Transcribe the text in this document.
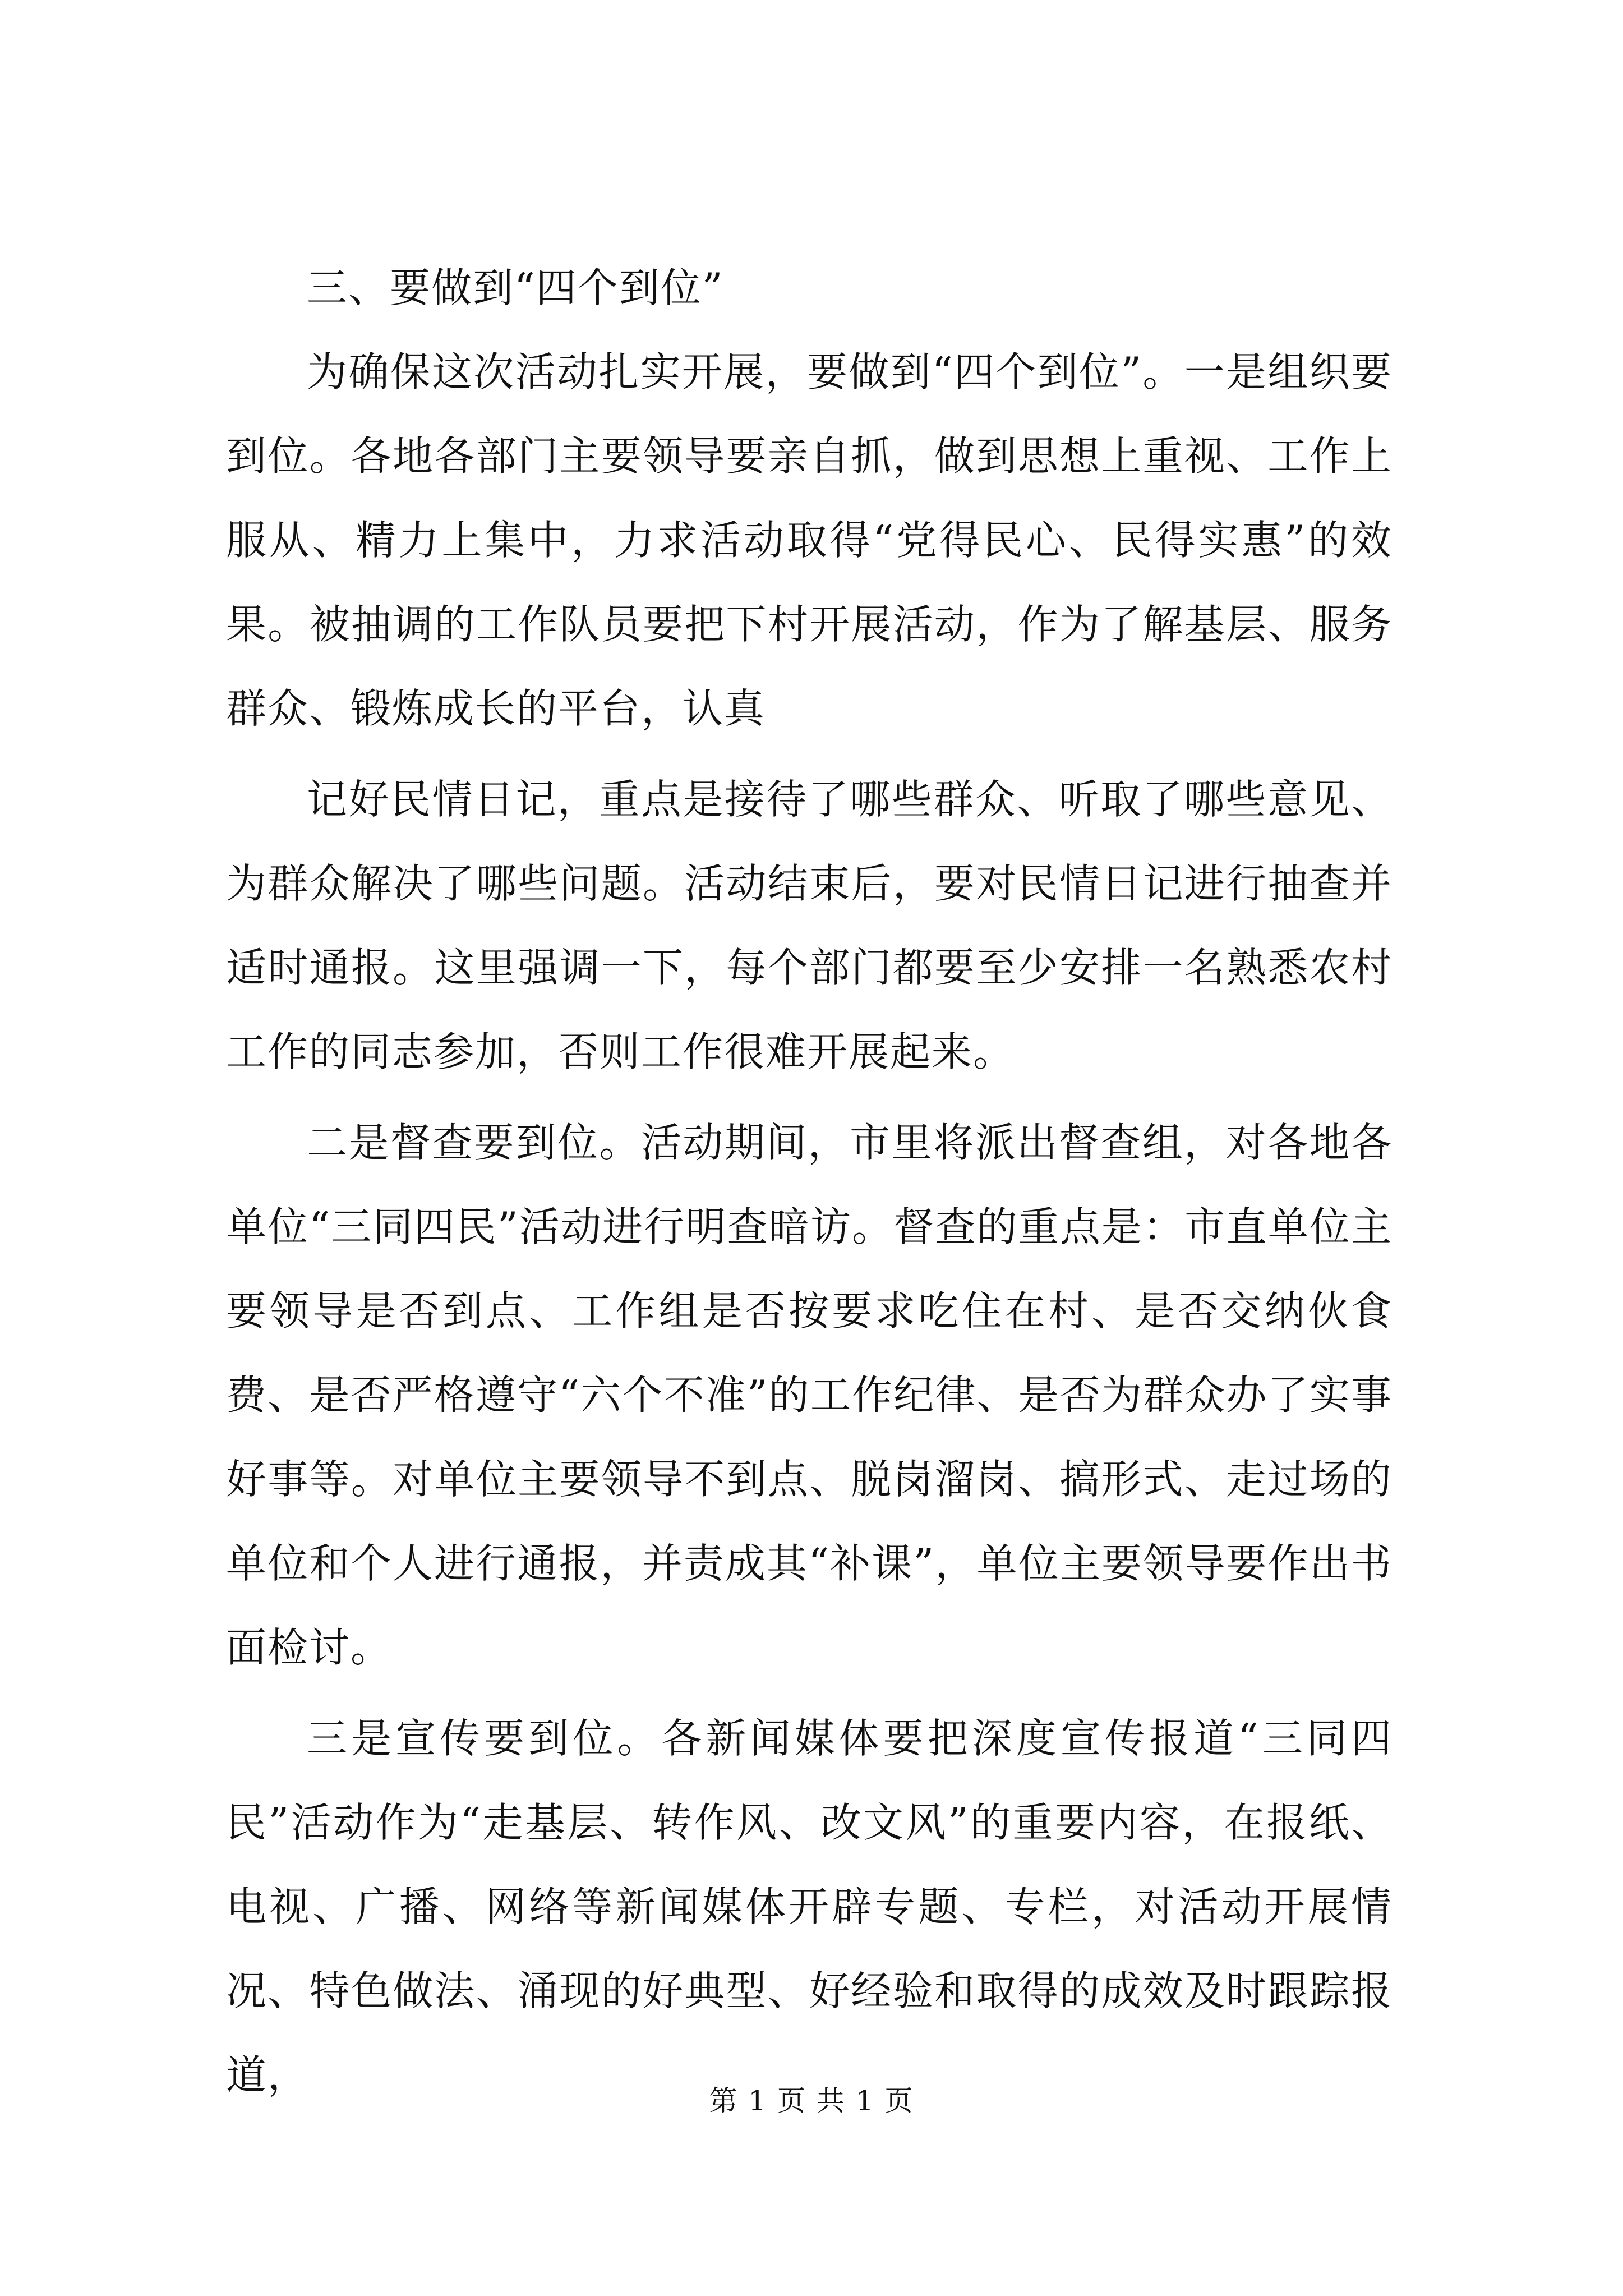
三、要做到“四个到位”

为确保这次活动扎实开展，要做到“四个到位”。一是组织要到位。各地各部门主要领导要亲自抓，做到思想上重视、工作上服从、精力上集中，力求活动取得“党得民心、民得实惠”的效果。被抽调的工作队员要把下村开展活动，作为了解基层、服务群众、锻炼成长的平台，认真

记好民情日记，重点是接待了哪些群众、听取了哪些意见、为群众解决了哪些问题。活动结束后，要对民情日记进行抽查并适时通报。这里强调一下，每个部门都要至少安排一名熟悉农村工作的同志参加，否则工作很难开展起来。

二是督查要到位。活动期间，市里将派出督查组，对各地各单位“三同四民”活动进行明查暗访。督查的重点是：市直单位主要领导是否到点、工作组是否按要求吃住在村、是否交纳伙食费、是否严格遵守“六个不准”的工作纪律、是否为群众办了实事好事等。对单位主要领导不到点、脱岗溜岗、搞形式、走过场的单位和个人进行通报，并责成其“补课”，单位主要领导要作出书面检讨。

三是宣传要到位。各新闻媒体要把深度宣传报道“三同四民”活动作为“走基层、转作风、改文风”的重要内容，在报纸、电视、广播、网络等新闻媒体开辟专题、专栏，对活动开展情况、特色做法、涌现的好典型、好经验和取得的成效及时跟踪报道，

第 1 页 共 1 页
